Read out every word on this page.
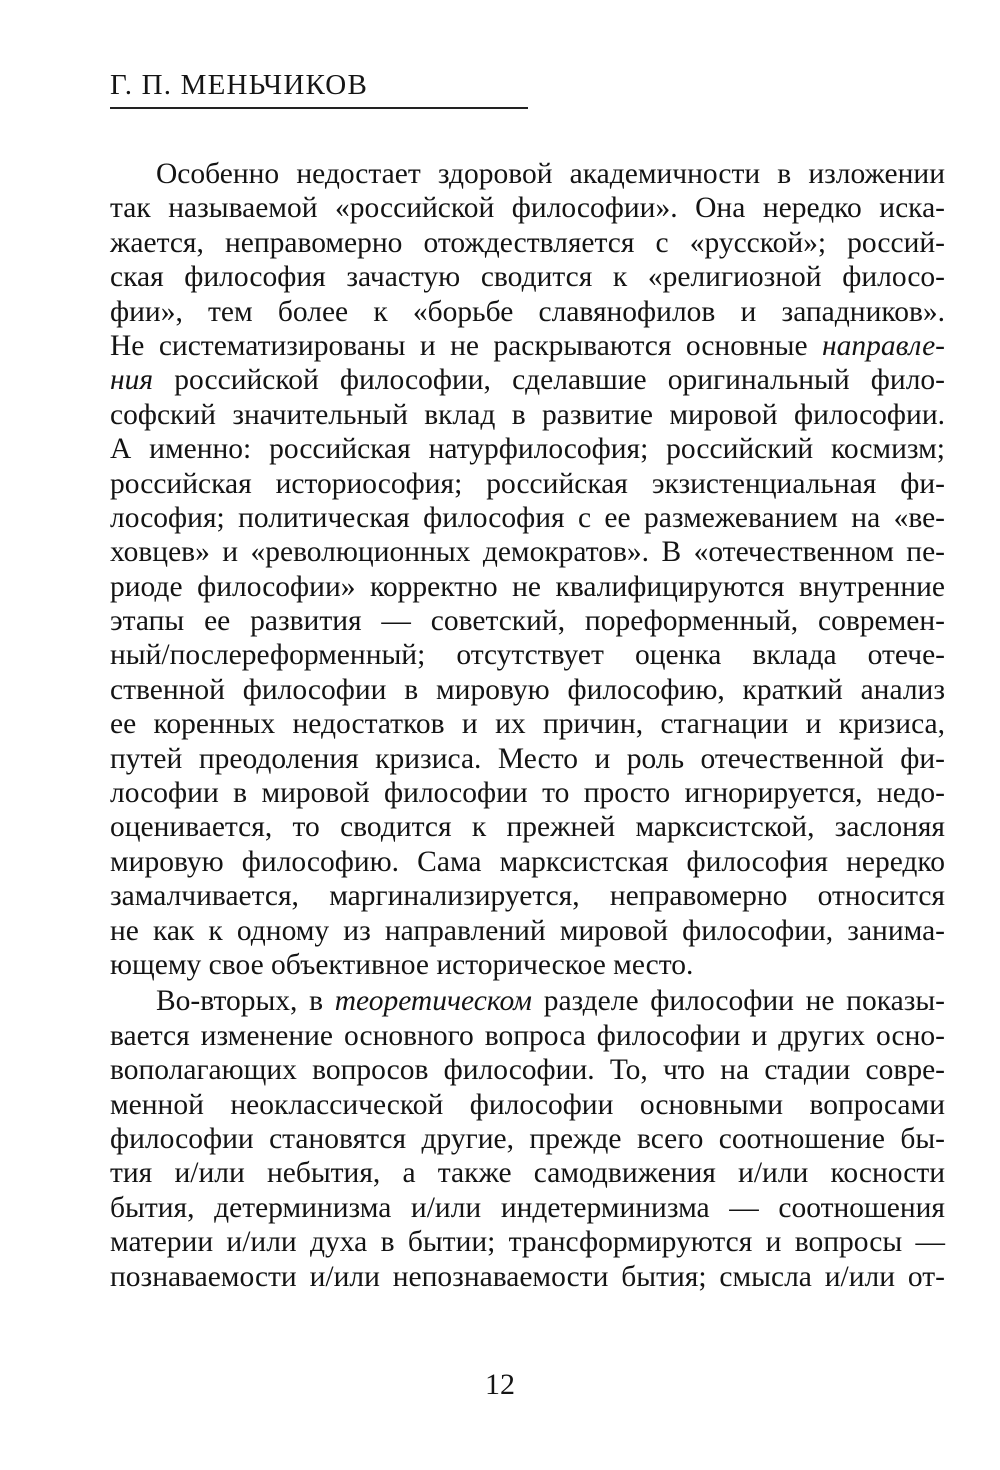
Г. П. МЕНЬЧИКОВ
Особенно недостает здоровой академичности в изложении
так называемой «российской философии». Она нередко иска-
жается, неправомерно отождествляется с «русской»; россий-
ская философия зачастую сводится к «религиозной филосо-
фии», тем более к «борьбе славянофилов и западников».
Не систематизированы и не раскрываются основные направле-
ния российской философии, сделавшие оригинальный фило-
софский значительный вклад в развитие мировой философии.
А именно: российская натурфилософия; российский космизм;
российская историософия; российская экзистенциальная фи-
лософия; политическая философия с ее размежеванием на «ве-
ховцев» и «революционных демократов». В «отечественном пе-
риоде философии» корректно не квалифицируются внутренние
этапы ее развития — советский, пореформенный, современ-
ный/послереформенный; отсутствует оценка вклада отече-
ственной философии в мировую философию, краткий анализ
ее коренных недостатков и их причин, стагнации и кризиса,
путей преодоления кризиса. Место и роль отечественной фи-
лософии в мировой философии то просто игнорируется, недо-
оценивается, то сводится к прежней марксистской, заслоняя
мировую философию. Сама марксистская философия нередко
замалчивается, маргинализируется, неправомерно относится
не как к одному из направлений мировой философии, занима-
ющему свое объективное историческое место.
Во-вторых, в теоретическом разделе философии не показы-
вается изменение основного вопроса философии и других осно-
вополагающих вопросов философии. То, что на стадии совре-
менной неоклассической философии основными вопросами
философии становятся другие, прежде всего соотношение бы-
тия и/или небытия, а также самодвижения и/или косности
бытия, детерминизма и/или индетерминизма — соотношения
материи и/или духа в бытии; трансформируются и вопросы —
познаваемости и/или непознаваемости бытия; смысла и/или от-
12
